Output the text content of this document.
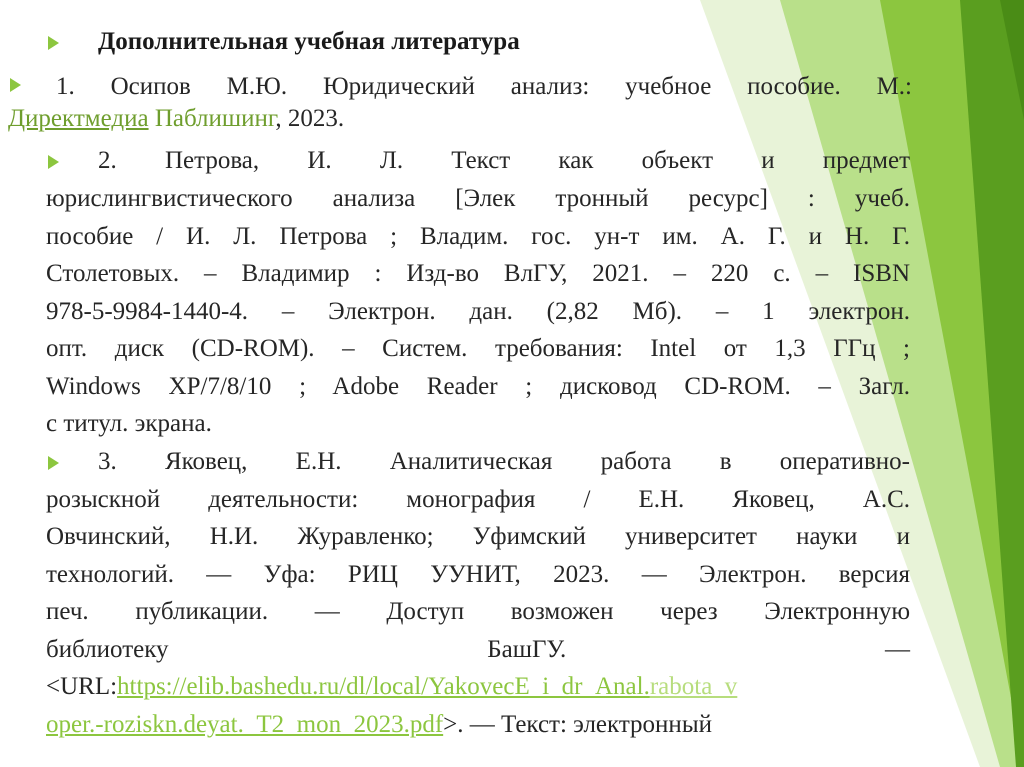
Дополнительная учебная литература
1. Осипов М.Ю. Юридический анализ: учебное пособие. М.:
Директмедиа Паблишинг, 2023.
2. Петрова, И. Л. Текст как объект и предмет
юрислингвистического анализа [Элек тронный ресурс] : учеб.
пособие / И. Л. Петрова ; Владим. гос. ун-т им. А. Г. и Н. Г.
Столетовых. – Владимир : Изд-во ВлГУ, 2021. – 220 с. – ISBN
978-5-9984-1440-4. – Электрон. дан. (2,82 Мб). – 1 электрон.
опт. диск (CD-ROM). – Систем. требования: Intel от 1,3 ГГц ;
Windows XP/7/8/10 ; Adobe Reader ; дисковод CD-ROM. – Загл.
с титул. экрана.
3. Яковец, Е.Н. Аналитическая работа в оперативно-
розыскной деятельности: монография / Е.Н. Яковец, А.С.
Овчинский, Н.И. Журавленко; Уфимский университет науки и
технологий. — Уфа: РИЦ УУНИТ, 2023. — Электрон. версия
печ. публикации. — Доступ возможен через Электронную
библиотеку БашГУ. —
<URL:https://elib.bashedu.ru/dl/local/YakovecE_i_dr_Anal.rabota_v
oper.-roziskn.deyat._T2_mon_2023.pdf>. — Текст: электронный
